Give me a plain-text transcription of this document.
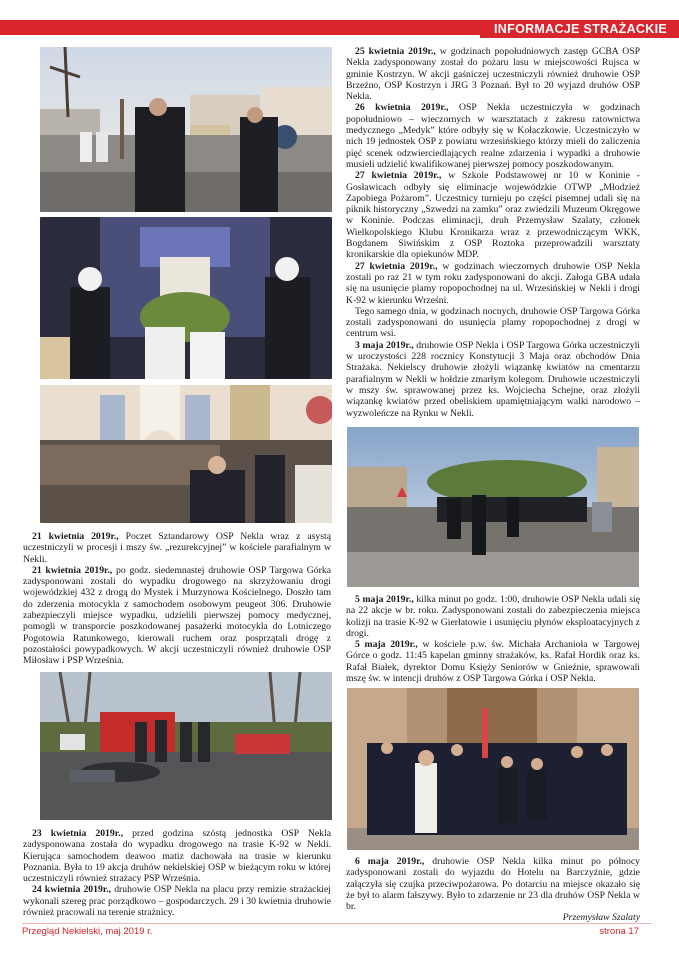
INFORMACJE STRAŻACKIE

21 kwietnia 2019r., Poczet Sztandarowy OSP Nekla wraz z asystą uczestniczyli w procesji i mszy św. „rezurekcyjnej” w kościele parafialnym w Nekli.

21 kwietnia 2019r., po godz. siedemnastej druhowie OSP Targowa Górka zadysponowani zostali do wypadku drogowego na skrzyżowaniu drogi wojewódzkiej 432 z drogą do Mystek i Murzynowa Kościelnego. Doszło tam do zderzenia motocykla z samochodem osobowym peugeot 306. Druhowie zabezpieczyli miejsce wypadku, udzielili pierwszej pomocy medycznej, pomogli w transporcie poszkodowanej pasażerki motocykla do Lotniczego Pogotowia Ratunkowego, kierowali ruchem oraz posprzątali drogę z pozostałości powypadkowych. W akcji uczestniczyli również druhowie OSP Miłosław i PSP Września.

23 kwietnia 2019r., przed godzina szóstą jednostka OSP Nekla zadysponowana została do wypadku drogowego na trasie K-92 w Nekli. Kierująca samochodem deawoo matiz dachowała na trasie w kierunku Poznania. Była to 19 akcja druhów nekielskiej OSP w bieżącym roku w której uczestniczyli również strażacy PSP Września.

24 kwietnia 2019r., druhowie OSP Nekla na placu przy remizie strażackiej wykonali szereg prac porządkowo – gospodarczych. 29 i 30 kwietnia druhowie również pracowali na terenie strażnicy.

25 kwietnia 2019r., w godzinach popołudniowych zastęp GCBA OSP Nekla zadysponowany został do pożaru lasu w miejscowości Rujsca w gminie Kostrzyn. W akcji gaśniczej uczestniczyli również druhowie OSP Brzeźno, OSP Kostrzyn i JRG 3 Poznań. Był to 20 wyjazd druhów OSP Nekla.

26 kwietnia 2019r., OSP Nekla uczestniczyła w godzinach popołudniowo – wieczornych w warsztatach z zakresu ratownictwa medycznego „Medyk” które odbyły się w Kołaczkowie. Uczestniczyło w nich 19 jednostek OSP z powiatu wrzesińskiego którzy mieli do zaliczenia pięć scenek odzwierciedlających realne zdarzenia i wypadki a druhowie musieli udzielić kwalifikowanej pierwszej pomocy poszkodowanym.

27 kwietnia 2019r., w Szkole Podstawowej nr 10 w Koninie - Gosławicach odbyły się eliminacje wojewódzkie OTWP „Młodzież Zapobiega Pożarom”. Uczestnicy turnieju po części pisemnej udali się na piknik historyczny „Szwedzi na zamku” oraz zwiedzili Muzeum Okręgowe w Koninie. Podczas eliminacji, druh Przemysław Szalaty, członek Wielkopolskiego Klubu Kronikarza wraz z przewodniczącym WKK, Bogdanem Siwińskim z OSP Roztoka przeprowadzili warsztaty kronikarskie dla opiekunów MDP.

27 kwietnia 2019r., w godzinach wieczornych druhowie OSP Nekla zostali po raz 21 w tym roku zadysponowani do akcji. Załoga GBA udała się na usunięcie plamy ropopochodnej na ul. Wrzesińskiej w Nekli i drogi K-92 w kierunku Wrześni.

Tego samego dnia, w godzinach nocnych, druhowie OSP Targowa Górka zostali zadysponowani do usunięcia plamy ropopochodnej z drogi w centrum wsi.

3 maja 2019r., druhowie OSP Nekla i OSP Targowa Górka uczestniczyli w uroczystości 228 rocznicy Konstytucji 3 Maja oraz obchodów Dnia Strażaka. Nekielscy druhowie złożyli wiązankę kwiatów na cmentarzu parafialnym w Nekli w hołdzie zmarłym kolegom. Druhowie uczestniczyli w mszy św. sprawowanej przez ks. Wojciecha Schejne, oraz złożyli wiązankę kwiatów przed obeliskiem upamiętniającym walki narodowo – wyzwoleńcze na Rynku w Nekli.

5 maja 2019r., kilka minut po godz. 1:00, druhowie OSP Nekla udali się na 22 akcje w br. roku. Zadysponowani zostali do zabezpieczenia miejsca kolizji na trasie K-92 w Gierłatowie i usunięciu płynów eksploatacyjnych z drogi.

5 maja 2019r., w kościele p.w. św. Michała Archanioła w Targowej Górce o godz. 11:45 kapelan gminny strażaków, ks. Rafał Hordik oraz ks. Rafał Białek, dyrektor Domu Księży Seniorów w Gnieźnie, sprawowali mszę św. w intencji druhów z OSP Targowa Górka i OSP Nekla.

6 maja 2019r., druhowie OSP Nekla kilka minut po północy zadysponowani zostali do wyjazdu do Hotelu na Barczyźnie, gdzie załączyła się czujka przeciwpożarowa. Po dotarciu na miejsce okazało się że był to alarm fałszywy. Było to zdarzenie nr 23 dla druhów OSP Nekla w br.

Przemysław Szalaty

Przegląd Nekielski, maj 2019 r.	strona 17
